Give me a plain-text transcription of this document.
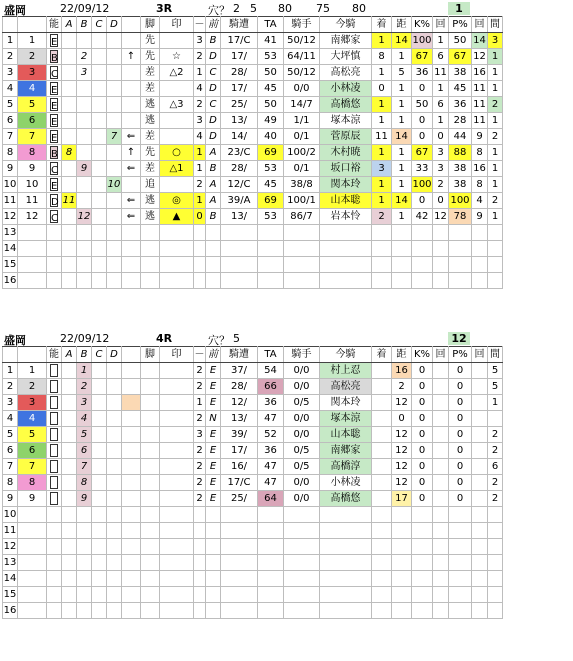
盛岡	22/09/12	3R	穴？ 2 5 80 75 80	1
		能	A	B	C	D		脚	印	－	前	騎遭	TA	騎手	今騎	着	距	K%	回	P%	回	間
1	1	E						先		3	B	17/C	41	50/12	南郷家	1	14	100	1	50	14	3
2	2	B		2			↑	先	☆	2	D	17/	53	64/11	大坪慎	8	1	67	6	67	12	1
3	3	C		3				差	△2	1	C	28/	50	50/12	高松亮	1	5	36	11	38	16	1
4	4	E						差		4	D	17/	45	0/0	小林凌	0	1	0	1	45	11	1
5	5	E						逃	△3	2	C	25/	50	14/7	高橋悠	1	1	50	6	36	11	2
6	6	E						逃		3	D	13/	49	1/1	塚本涼	1	1	0	1	28	11	1
7	7	E				7	⇐	差		4	D	14/	40	0/1	菅原辰	11	14	0	0	44	9	2
8	8	B	8				↑	先	○	1	A	23/C	69	100/2	木村暁	1	1	67	3	88	8	1
9	9	C		9			⇐	差	△1	1	B	28/	53	0/1	坂口裕	3	1	33	3	38	16	1
10	10	E				10		追		2	A	12/C	45	38/8	関本玲	1	1	100	2	38	8	1
11	11	D	11				⇐	逃	◎	1	A	39/A	69	100/1	山本聡	1	14	0	0	100	4	2
12	12	C		12			⇐	逃	▲	0	B	13/	53	86/7	岩本怜	2	1	42	12	78	9	1
13																						
14																						
15																						
16																						
盛岡	22/09/12	4R	穴？ 5	12
		能	A	B	C	D		脚	印	－	前	騎遭	TA	騎手	今騎	着	距	K%	回	P%	回	間
1	1			1						2	E	37/	54	0/0	村上忍		16	0		0		5
2	2			2						2	E	28/	66	0/0	高松亮		2	0		0		5
3	3			3						1	E	12/	36	0/5	関本玲		12	0		0		1
4	4			4						2	N	13/	47	0/0	塚本涼		0	0		0		
5	5			5						3	E	39/	52	0/0	山本聡		12	0		0		2
6	6			6						2	E	17/	36	0/5	南郷家		12	0		0		2
7	7			7						2	E	16/	47	0/5	高橋淳		12	0		0		6
8	8			8						2	E	17/C	47	0/0	小林凌		12	0		0		2
9	9			9						2	E	25/	64	0/0	高橋悠		17	0		0		2
10																						
11																						
12																						
13																						
14																						
15																						
16																						
